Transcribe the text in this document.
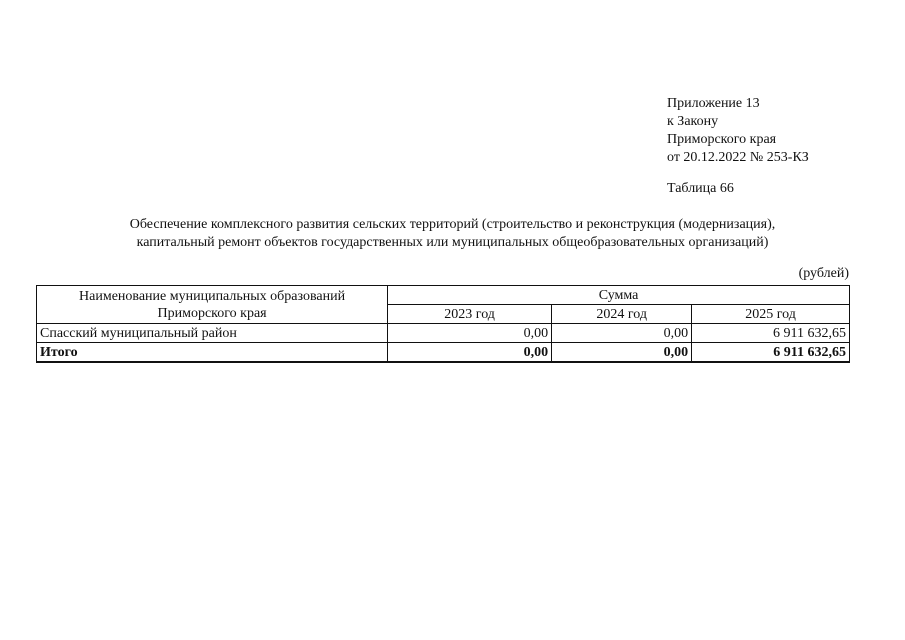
Приложение 13
к Закону
Приморского края
от 20.12.2022 № 253-КЗ
Таблица 66
Обеспечение комплексного развития сельских территорий (строительство и реконструкция (модернизация),
капитальный ремонт объектов государственных или муниципальных общеобразовательных организаций)
(рублей)
Наименование муниципальных образований
Приморского края	Сумма		
	2023 год	2024 год	2025 год
Спасский муниципальный район	0,00	0,00	6 911 632,65
Итого	0,00	0,00	6 911 632,65
